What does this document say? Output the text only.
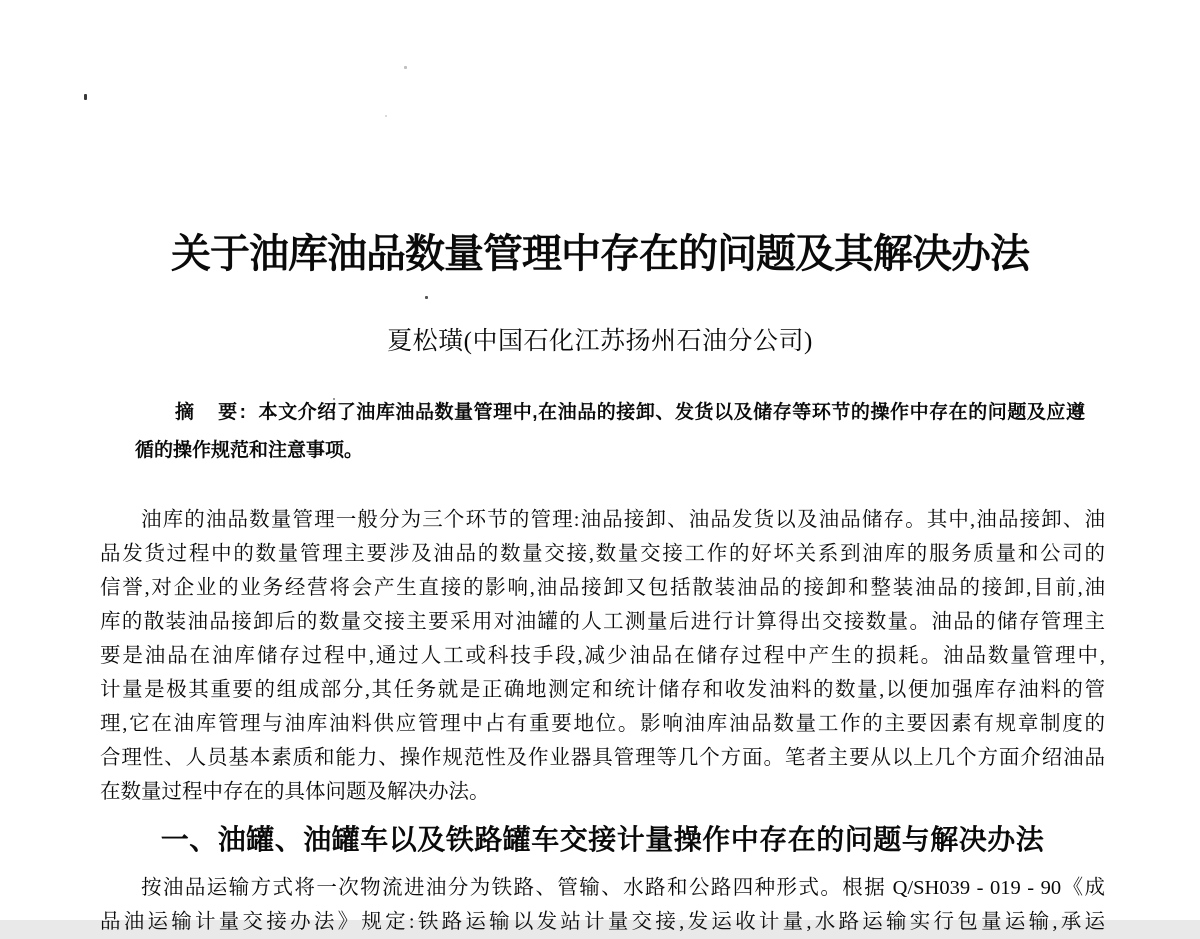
关于油库油品数量管理中存在的问题及其解决办法
夏松璜(中国石化江苏扬州石油分公司)
摘　要: 本文介绍了油库油品数量管理中,在油品的接卸、发货以及储存等环节的操作中存在的问题及应遵
循的操作规范和注意事项。
油库的油品数量管理一般分为三个环节的管理:油品接卸、油品发货以及油品储存。其中,油品接卸、油
品发货过程中的数量管理主要涉及油品的数量交接,数量交接工作的好坏关系到油库的服务质量和公司的
信誉,对企业的业务经营将会产生直接的影响,油品接卸又包括散装油品的接卸和整装油品的接卸,目前,油
库的散装油品接卸后的数量交接主要采用对油罐的人工测量后进行计算得出交接数量。油品的储存管理主
要是油品在油库储存过程中,通过人工或科技手段,减少油品在储存过程中产生的损耗。油品数量管理中,
计量是极其重要的组成部分,其任务就是正确地测定和统计储存和收发油料的数量,以便加强库存油料的管
理,它在油库管理与油库油料供应管理中占有重要地位。影响油库油品数量工作的主要因素有规章制度的
合理性、人员基本素质和能力、操作规范性及作业器具管理等几个方面。笔者主要从以上几个方面介绍油品
在数量过程中存在的具体问题及解决办法。
一、油罐、油罐车以及铁路罐车交接计量操作中存在的问题与解决办法
按油品运输方式将一次物流进油分为铁路、管输、水路和公路四种形式。根据 Q/SH039 - 019 - 90《成
品油运输计量交接办法》规定:铁路运输以发站计量交接,发运收计量,水路运输实行包量运输,承运
